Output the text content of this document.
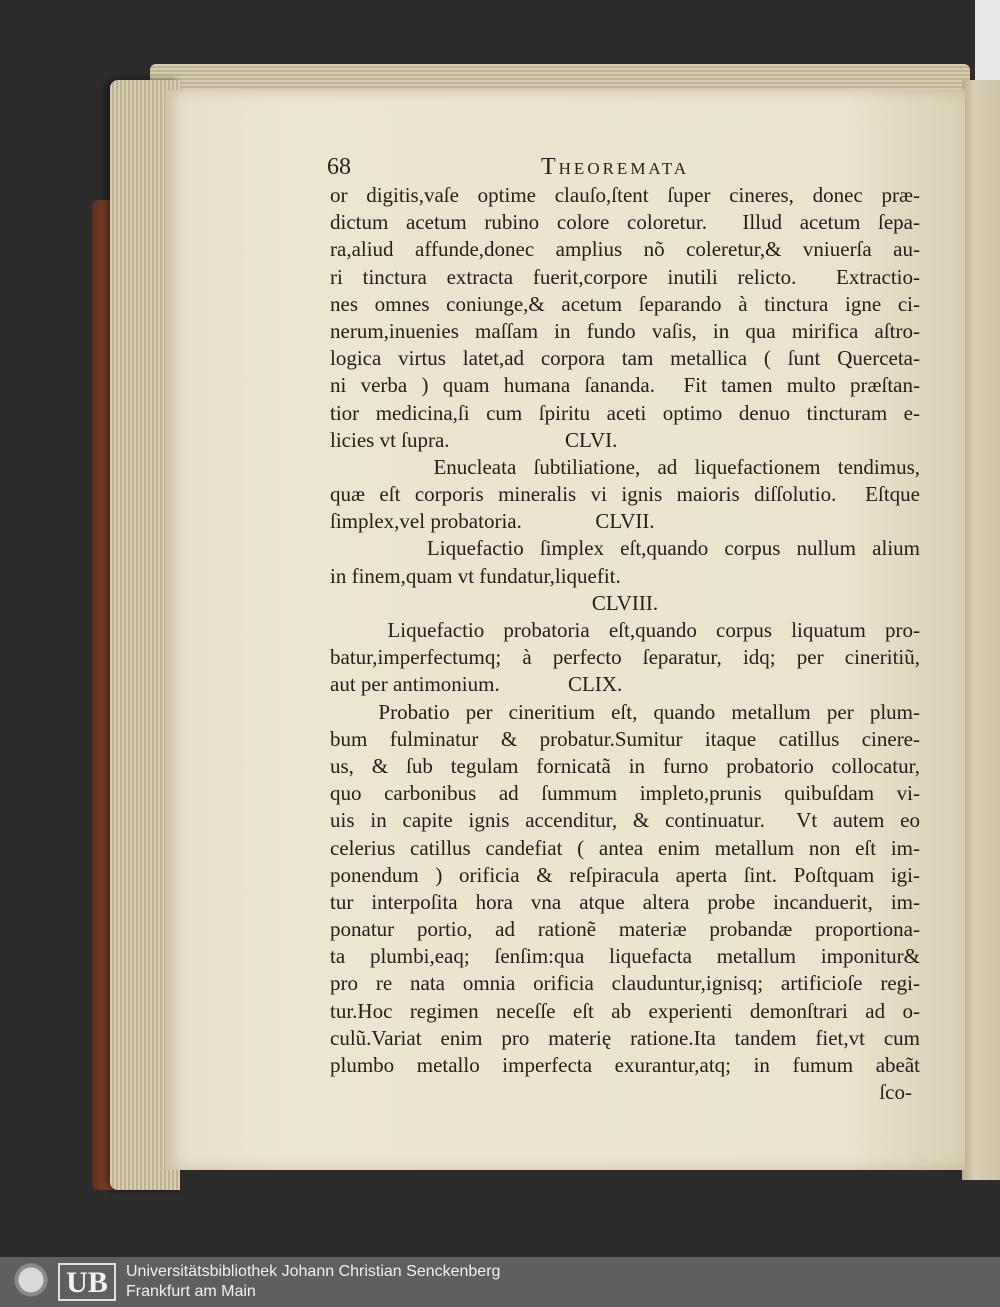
68	Theoremata
or digitis,vaſe optime clauſo,ſtent ſuper cineres, donec præ-
dictum acetum rubino colore coloretur.  Illud acetum ſepa-
ra,aliud affunde,donec amplius nõ coleretur,& vniuerſa au-
ri tinctura extracta fuerit,corpore inutili relicto.  Extractio-
nes omnes coniunge,& acetum ſeparando à tinctura igne ci-
nerum,inuenies maſſam in fundo vaſis, in qua mirifica aſtro-
logica virtus latet,ad corpora tam metallica ( ſunt Querceta-
ni verba ) quam humana ſananda.  Fit tamen multo præſtan-
tior medicina,ſi cum ſpiritu aceti optimo denuo tincturam e-
licies vt ſupra.                      CLVI.
Enucleata ſubtiliatione, ad liquefactionem tendimus,
quæ eſt corporis mineralis vi ignis maioris diſſolutio.  Eſtque
ſimplex,vel probatoria.              CLVII.
Liquefactio ſimplex eſt,quando corpus nullum alium
in finem,quam vt fundatur,liquefit.
CLVIII.
Liquefactio probatoria eſt,quando corpus liquatum pro-
batur,imperfectumq; à perfecto ſeparatur, idq; per cineritiũ,
aut per antimonium.             CLIX.
Probatio per cineritium eſt, quando metallum per plum-
bum fulminatur & probatur.Sumitur itaque catillus cinere-
us, & ſub tegulam fornicatã in furno probatorio collocatur,
quo carbonibus ad ſummum impleto,prunis quibuſdam vi-
uis in capite ignis accenditur, & continuatur.  Vt autem eo
celerius catillus candefiat ( antea enim metallum non eſt im-
ponendum ) orificia & reſpiracula aperta ſint. Poſtquam igi-
tur interpoſita hora vna atque altera probe incanduerit, im-
ponatur portio, ad rationẽ materiæ probandæ proportiona-
ta plumbi,eaq; ſenſim:qua liquefacta metallum imponitur&
pro re nata omnia orificia clauduntur,ignisq; artificioſe regi-
tur.Hoc regimen neceſſe eſt ab experienti demonſtrari ad o-
culũ.Variat enim pro materię ratione.Ita tandem fiet,vt cum
plumbo metallo imperfecta exurantur,atq; in fumum abeãt
ſco-
UB	Universitätsbibliothek Johann Christian Senckenberg
Frankfurt am Main
